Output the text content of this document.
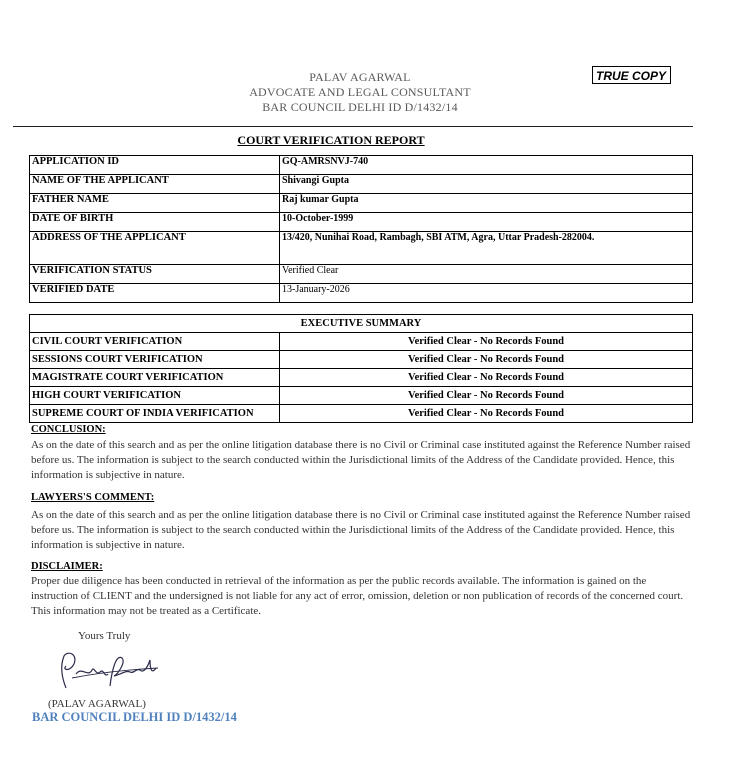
PALAV AGARWAL
ADVOCATE AND LEGAL CONSULTANT
BAR COUNCIL DELHI ID D/1432/14
TRUE COPY
COURT VERIFICATION REPORT
APPLICATION ID	GQ-AMRSNVJ-740
NAME OF THE APPLICANT	Shivangi Gupta
FATHER NAME	Raj kumar Gupta
DATE OF BIRTH	10-October-1999
ADDRESS OF THE APPLICANT	13/420, Nunihai Road, Rambagh, SBI ATM, Agra, Uttar Pradesh-282004.
VERIFICATION STATUS	Verified Clear
VERIFIED DATE	13-January-2026
EXECUTIVE SUMMARY	
CIVIL COURT VERIFICATION	Verified Clear - No Records Found
SESSIONS COURT VERIFICATION	Verified Clear - No Records Found
MAGISTRATE COURT VERIFICATION	Verified Clear - No Records Found
HIGH COURT VERIFICATION	Verified Clear - No Records Found
SUPREME COURT OF INDIA VERIFICATION	Verified Clear - No Records Found
CONCLUSION:
As on the date of this search and as per the online litigation database there is no Civil or Criminal case instituted against the Reference Number raised before us. The information is subject to the search conducted within the Jurisdictional limits of the Address of the Candidate provided. Hence, this information is subjective in nature.
LAWYERS'S COMMENT:
As on the date of this search and as per the online litigation database there is no Civil or Criminal case instituted against the Reference Number raised before us. The information is subject to the search conducted within the Jurisdictional limits of the Address of the Candidate provided. Hence, this information is subjective in nature.
DISCLAIMER:
Proper due diligence has been conducted in retrieval of the information as per the public records available. The information is gained on the instruction of CLIENT and the undersigned is not liable for any act of error, omission, deletion or non publication of records of the concerned court. This information may not be treated as a Certificate.
Yours Truly
(PALAV AGARWAL)
BAR COUNCIL DELHI ID D/1432/14
